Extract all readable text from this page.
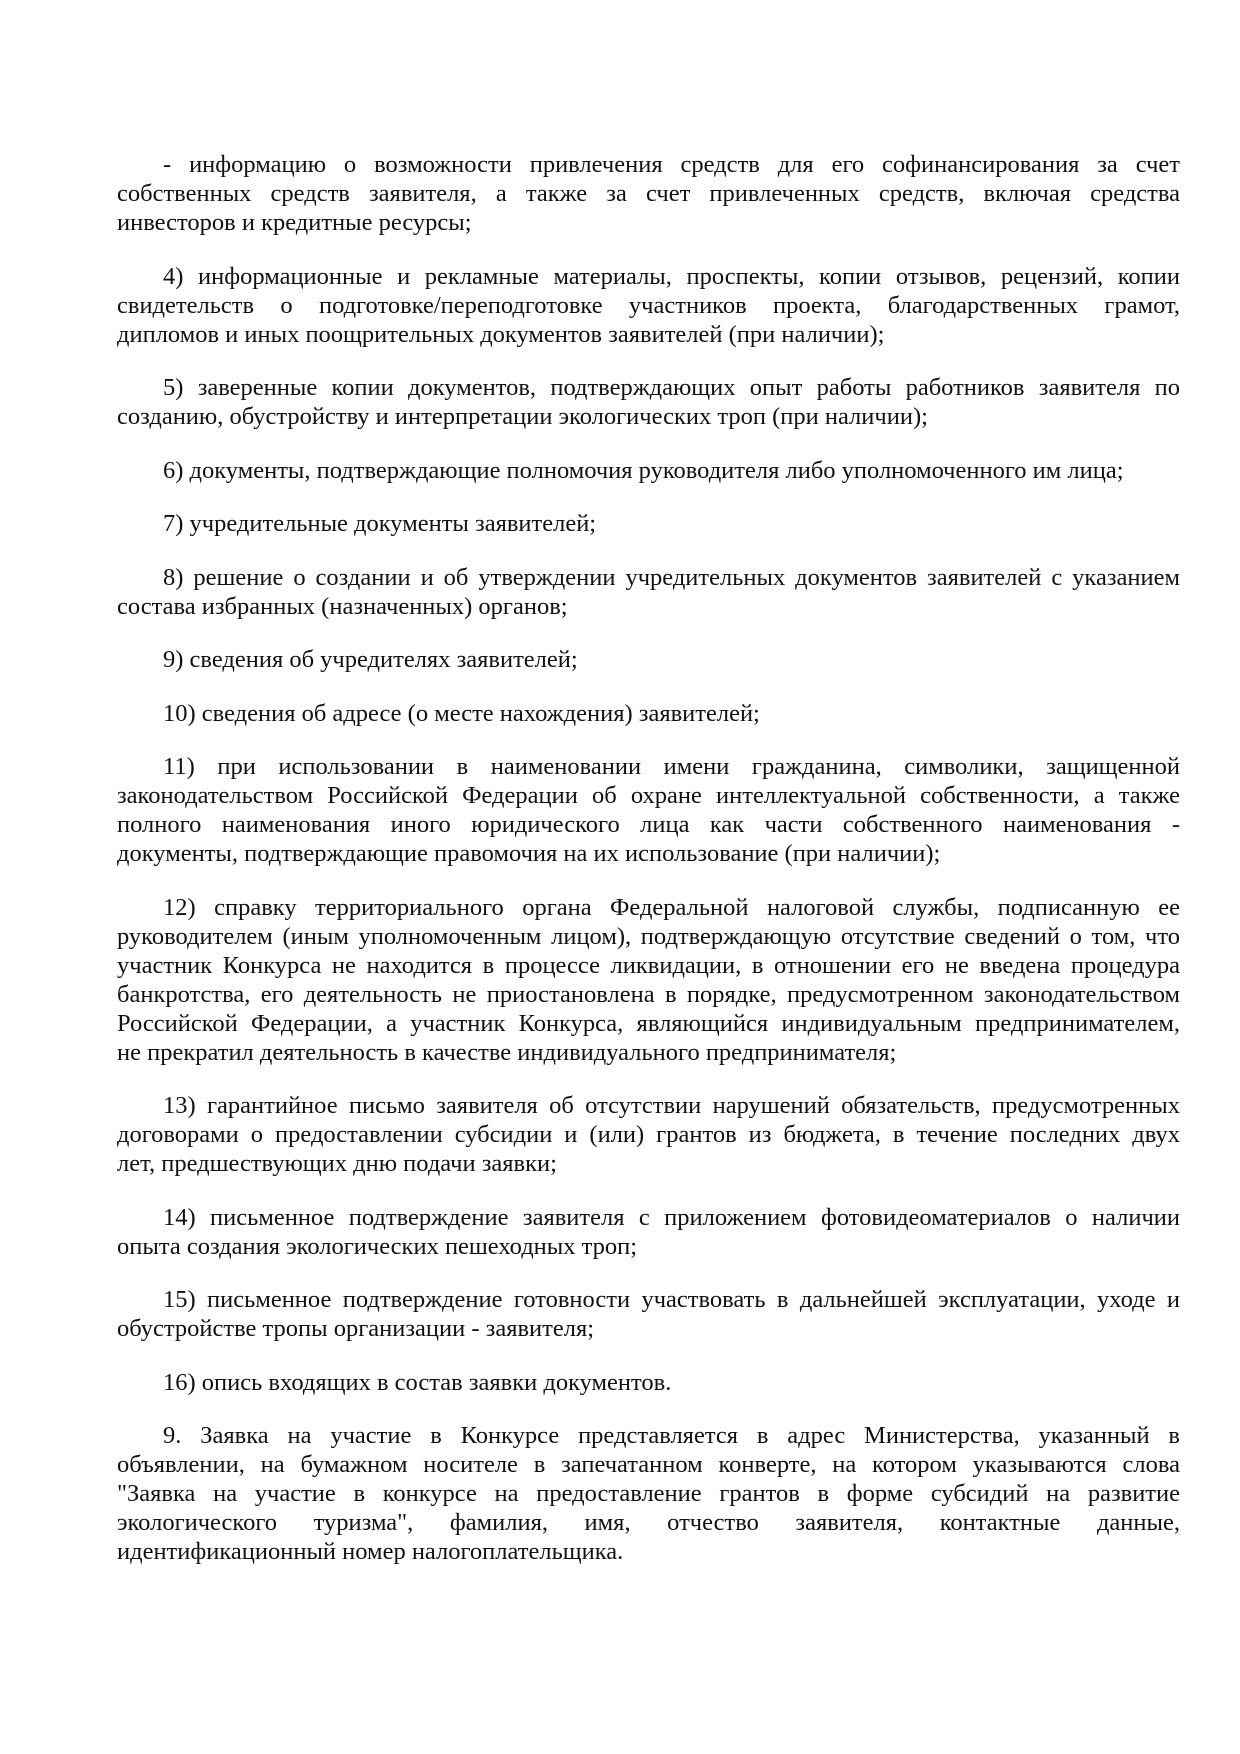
- информацию о возможности привлечения средств для его софинансирования за счет
собственных средств заявителя, а также за счет привлеченных средств, включая средства
инвесторов и кредитные ресурсы;
4) информационные и рекламные материалы, проспекты, копии отзывов, рецензий, копии
свидетельств о подготовке/переподготовке участников проекта, благодарственных грамот,
дипломов и иных поощрительных документов заявителей (при наличии);
5) заверенные копии документов, подтверждающих опыт работы работников заявителя по
созданию, обустройству и интерпретации экологических троп (при наличии);
6) документы, подтверждающие полномочия руководителя либо уполномоченного им лица;
7) учредительные документы заявителей;
8) решение о создании и об утверждении учредительных документов заявителей с указанием
состава избранных (назначенных) органов;
9) сведения об учредителях заявителей;
10) сведения об адресе (о месте нахождения) заявителей;
11) при использовании в наименовании имени гражданина, символики, защищенной
законодательством Российской Федерации об охране интеллектуальной собственности, а также
полного наименования иного юридического лица как части собственного наименования -
документы, подтверждающие правомочия на их использование (при наличии);
12) справку территориального органа Федеральной налоговой службы, подписанную ее
руководителем (иным уполномоченным лицом), подтверждающую отсутствие сведений о том, что
участник Конкурса не находится в процессе ликвидации, в отношении его не введена процедура
банкротства, его деятельность не приостановлена в порядке, предусмотренном законодательством
Российской Федерации, а участник Конкурса, являющийся индивидуальным предпринимателем,
не прекратил деятельность в качестве индивидуального предпринимателя;
13) гарантийное письмо заявителя об отсутствии нарушений обязательств, предусмотренных
договорами о предоставлении субсидии и (или) грантов из бюджета, в течение последних двух
лет, предшествующих дню подачи заявки;
14) письменное подтверждение заявителя с приложением фотовидеоматериалов о наличии
опыта создания экологических пешеходных троп;
15) письменное подтверждение готовности участвовать в дальнейшей эксплуатации, уходе и
обустройстве тропы организации - заявителя;
16) опись входящих в состав заявки документов.
9. Заявка на участие в Конкурсе представляется в адрес Министерства, указанный в
объявлении, на бумажном носителе в запечатанном конверте, на котором указываются слова
"Заявка на участие в конкурсе на предоставление грантов в форме субсидий на развитие
экологического туризма", фамилия, имя, отчество заявителя, контактные данные,
идентификационный номер налогоплательщика.
